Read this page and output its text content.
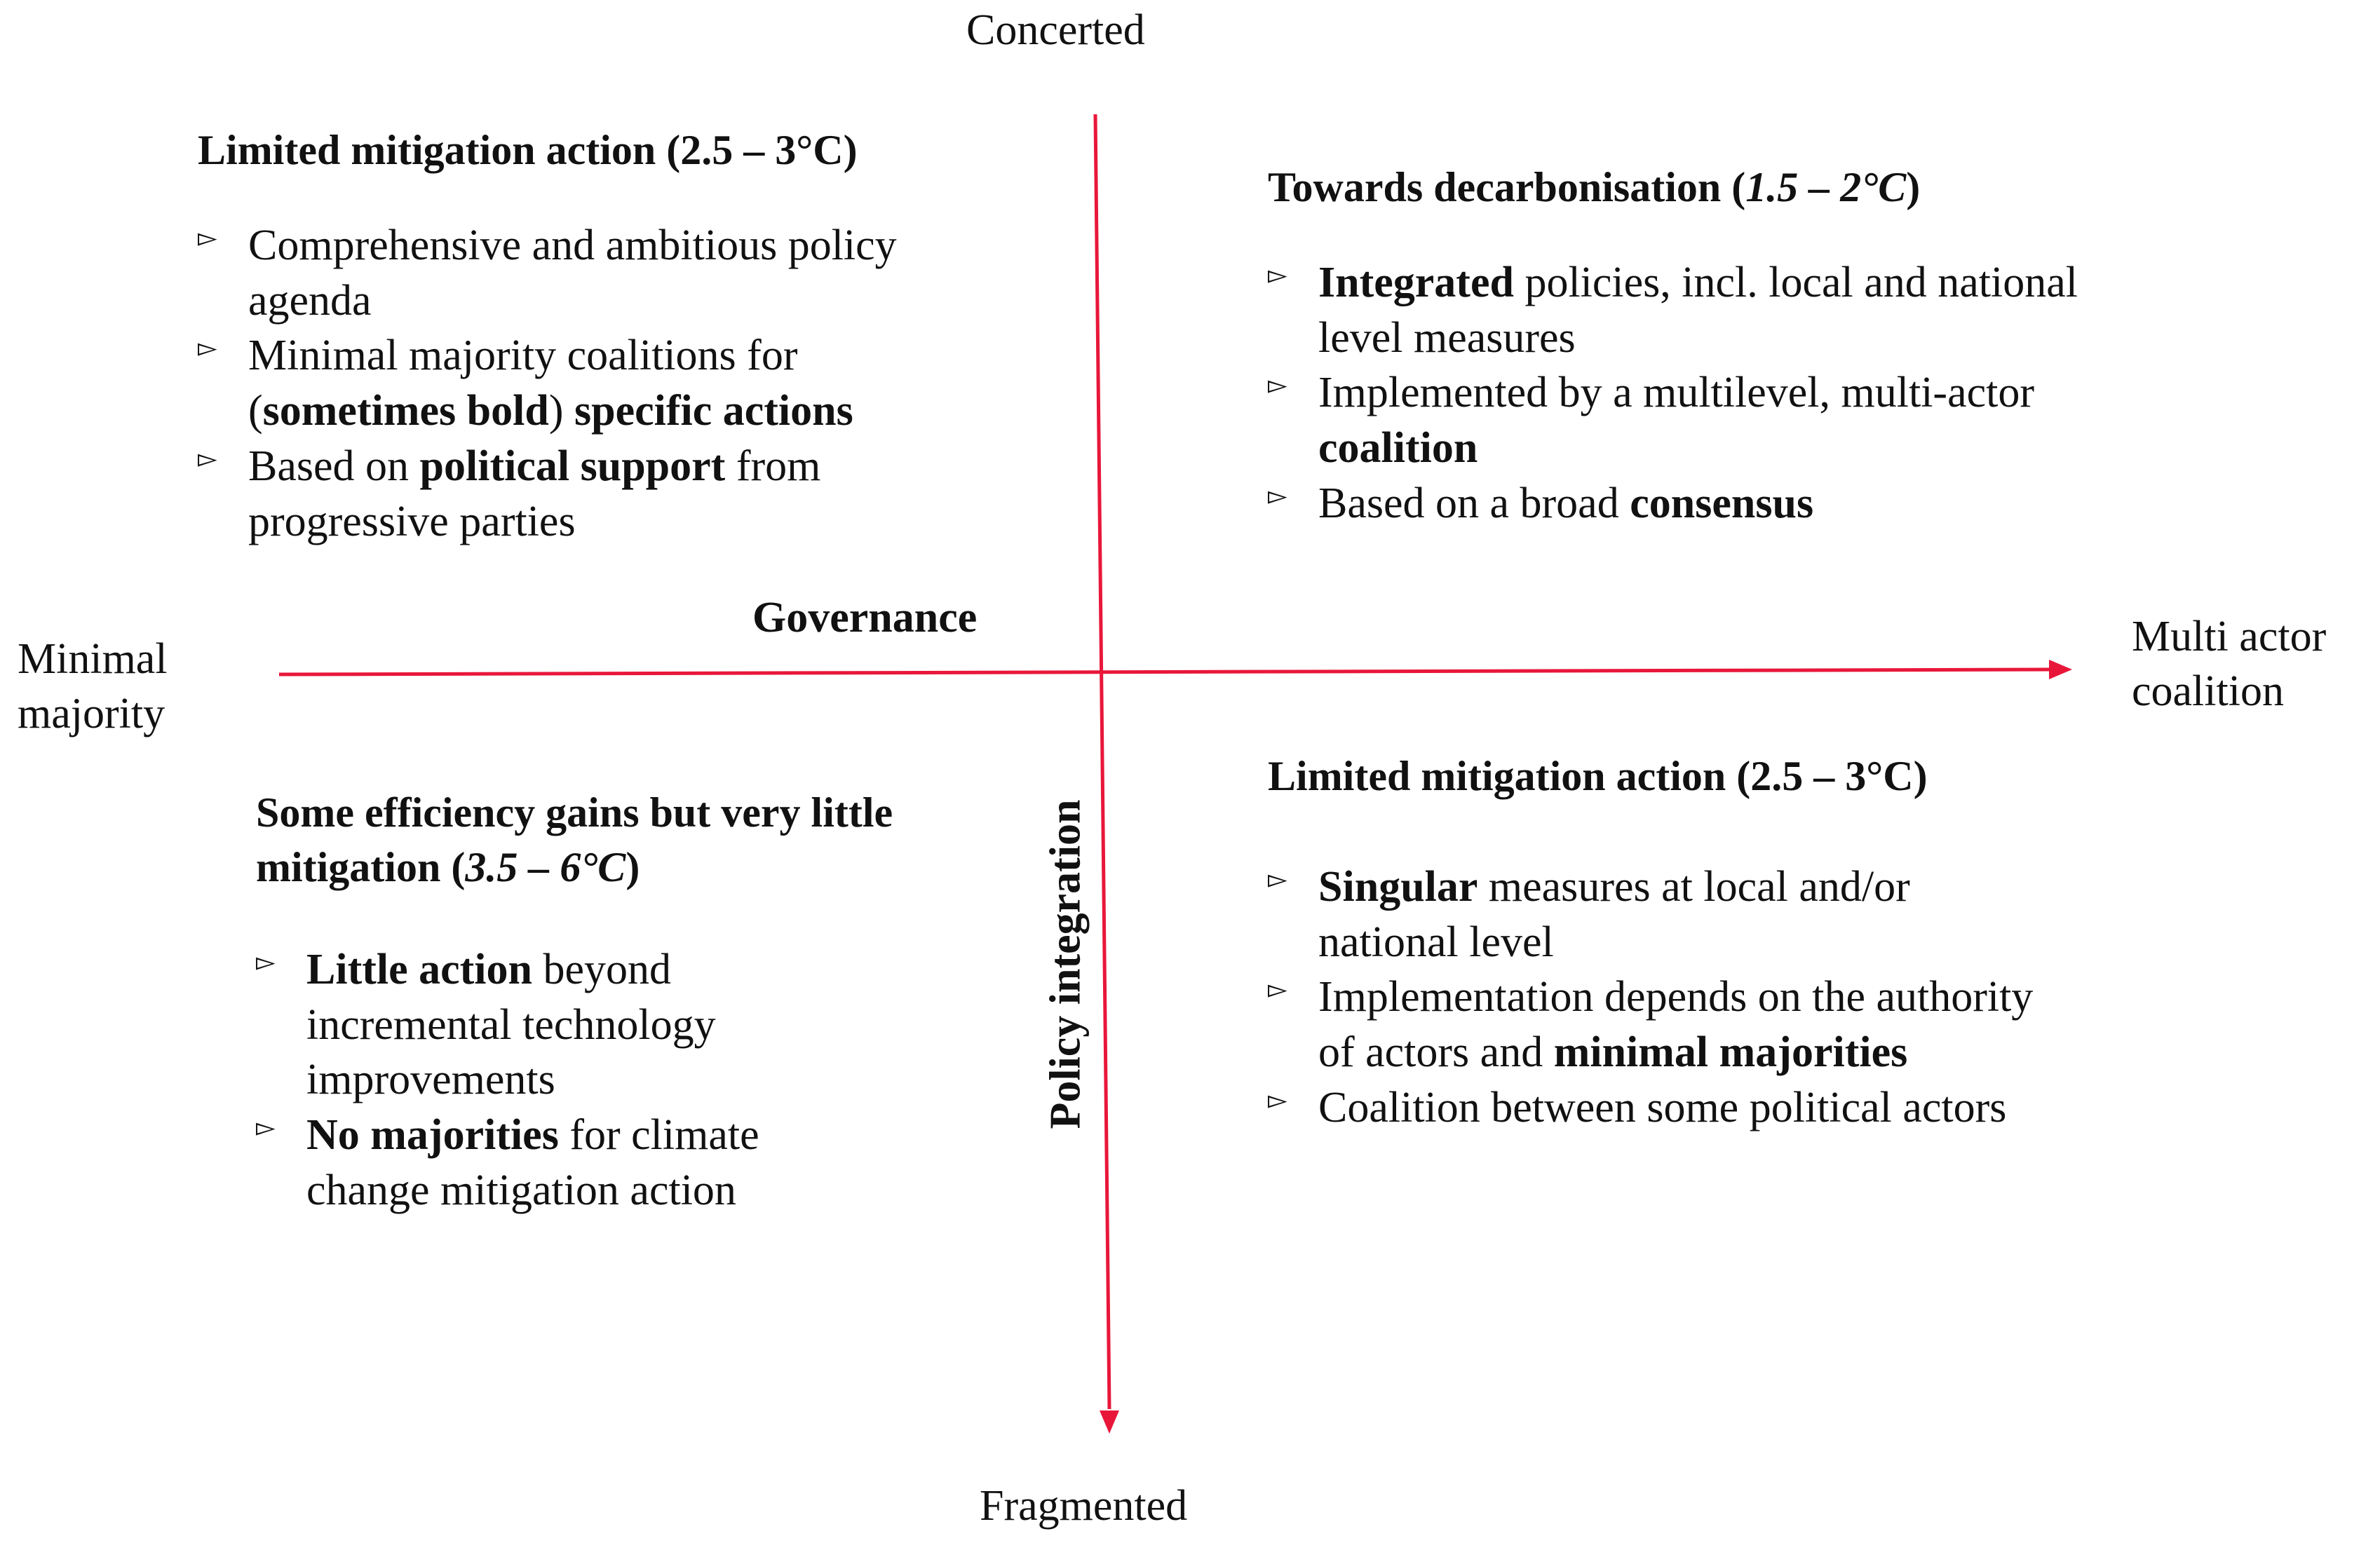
Concerted
Fragmented
Minimal
majority
Multi actor
coalition
Governance
Policy integration
Limited mitigation action (2.5 – 3°C)
▻ Comprehensive and ambitious policy agenda
▻ Minimal majority coalitions for (sometimes bold) specific actions
▻ Based on political support from progressive parties
Towards decarbonisation (1.5 – 2°C)
▻ Integrated policies, incl. local and national level measures
▻ Implemented by a multilevel, multi-actor coalition
▻ Based on a broad consensus
Some efficiency gains but very little mitigation (3.5 – 6°C)
▻ Little action beyond incremental technology improvements
▻ No majorities for climate change mitigation action
Limited mitigation action (2.5 – 3°C)
▻ Singular measures at local and/or national level
▻ Implementation depends on the authority of actors and minimal majorities
▻ Coalition between some political actors
